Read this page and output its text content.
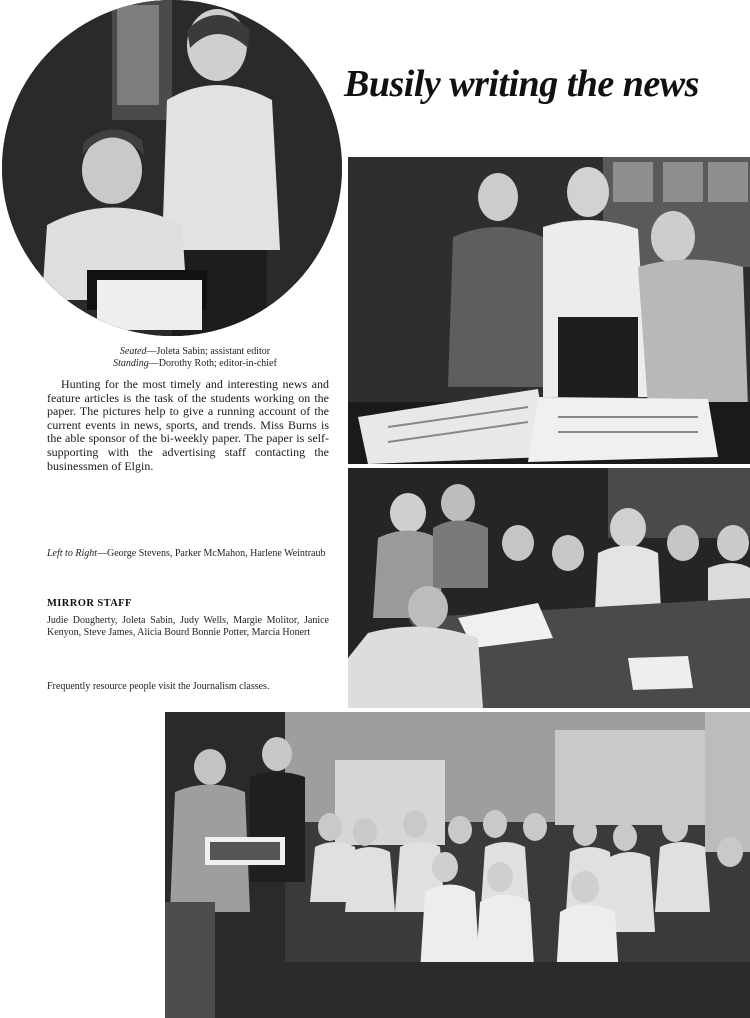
Busily writing the news
Seated—Joleta Sabin; assistant editor
Standing—Dorothy Roth; editor-in-chief
Hunting for the most timely and interesting news and feature articles is the task of the students working on the paper. The pictures help to give a running account of the current events in news, sports, and trends. Miss Burns is the able sponsor of the bi-weekly paper. The paper is self-supporting with the advertising staff contacting the businessmen of Elgin.
Left to Right—George Stevens, Parker McMahon, Harlene Weintraub
MIRROR STAFF
Judie Dougherty, Joleta Sabin, Judy Wells, Margie Molitor, Janice Kenyon, Steve James, Alicia Bourd Bonnie Potter, Marcia Honert
Frequently resource people visit the Journalism classes.
